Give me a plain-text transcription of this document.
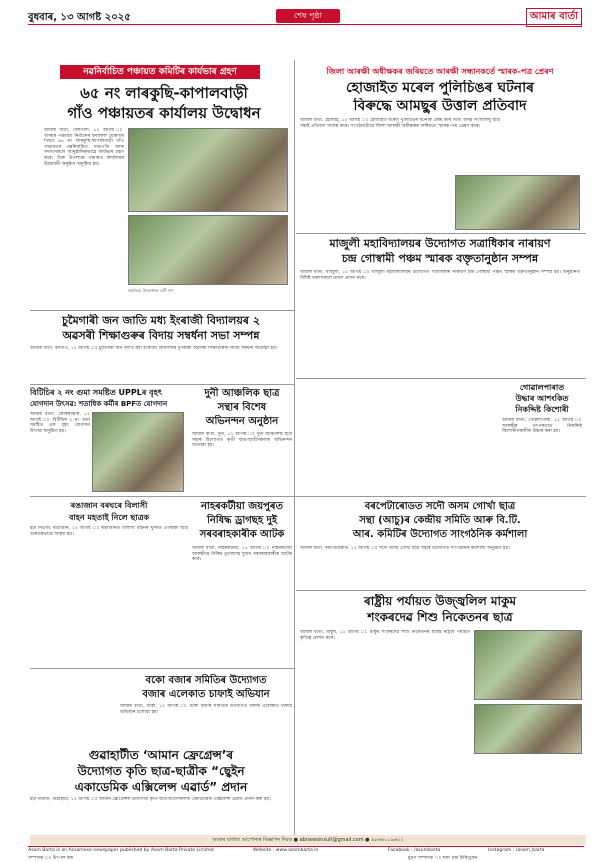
বুধবাৰ, ১৩ আগষ্ট ২০২৫	শেষ পৃষ্ঠা	আমাৰ বার্তা
নৱনিৰ্বাচিত পঞ্চায়ত কমিটিৰ কাৰ্যভাৰ গ্ৰহণ
৬৫ নং লাৰকুছি-কাপালবাড়ী
গাঁও পঞ্চায়তৰ কাৰ্যালয় উদ্বোধন
আমাৰ বাৰ্তা, বেলতলা, ১২ আগষ্ট ঃ অসমৰ পঞ্চায়ত নিৰ্বাচনৰ ফলাফল ঘোষণাৰ পিছত ৬৫ নং লাৰকুছি-কাপালবাড়ী গাঁও পঞ্চায়তৰ নৱনিৰ্বাচিত সভাপতি আৰু সদস্যসকলে আনুষ্ঠানিকভাৱে কাৰ্যভাৰ গ্ৰহণ কৰে। উক্ত উপলক্ষে পঞ্চায়ত কাৰ্যালয়ৰ উদ্বোধনী অনুষ্ঠান অনুষ্ঠিত হয়।
কাৰ্যালয় উদ্বোধনৰ এটি দৃশ্য
জিলা আৰক্ষী অধীক্ষকৰ জৰিয়তে আৰক্ষী সন্ধানকৰ্তে স্মাৰক-পত্ৰ প্ৰেৰণ
হোজাইত মৰেল পুলিচিঙৰ ঘটনাৰ
বিৰুদ্ধে আমছুৰ উত্তাল প্ৰতিবাদ
আমাৰ বাৰ্তা, হোজাই, ১২ আগষ্ট ঃ হোজাইত মৰেল পুলিচিঙৰ ঘটনাক কেন্দ্ৰ কৰি সদৌ অসম সংখ্যালঘু ছাত্ৰ সন্থাই প্ৰতিবাদ সাব্যস্ত কৰে। সংগঠনটোৱে জিলা আৰক্ষী অধীক্ষকৰ জৰিয়তে স্মাৰক-পত্ৰ প্ৰেৰণ কৰে।
মাজুলী মহাবিদ্যালয়ৰ উদ্যোগত সত্ৰাধিকাৰ নাৰায়ণ
চন্দ্ৰ গোস্বামী পঞ্চম স্মাৰক বক্তৃতানুষ্ঠান সম্পন্ন
আমাৰ বাৰ্তা, মাজুলী, ১২ আগষ্ট ঃ মাজুলী মহাবিদ্যালয়ৰ উদ্যোগত সত্ৰাধিকাৰ নাৰায়ণ চন্দ্ৰ গোস্বামী পঞ্চম স্মাৰক বক্তৃতানুষ্ঠান সম্পন্ন হয়। অনুষ্ঠানত বিশিষ্ট বক্তাসকলে ভাষণ প্ৰদান কৰে।
চুমৈগাৰী জন জাতি মধ্য ইংৰাজী বিদ্যালয়ৰ ২
অৱসৰী শিক্ষাগুৰুৰ বিদায় সম্বৰ্ধনা সভা সম্পন্ন
আমাৰ বাৰ্তা, বনগাঁও, ১২ আগষ্ট ঃ চুমৈগাৰী জন জাতি মধ্য ইংৰাজী বিদ্যালয়ৰ দুগৰাকী অৱসৰী শিক্ষাগুৰুক বিদায় সম্বৰ্ধনা জনোৱা হয়।
বিটিচিৰ ২ নং গুমা সমষ্টিত UPPLৰ বৃহৎ
যোগদান উৎসৱ: শতাধিক কৰ্মীৰ BPFত যোগদান
আমাৰ বাৰ্তা, কোকৰাঝাৰ, ১২ আগষ্ট ঃ বিটিচিৰ ২ নং গুমা সমষ্টিত এক বৃহৎ যোগদান উৎসৱ অনুষ্ঠিত হয়।
দুনী আঞ্চলিক ছাত্ৰ
সন্থাৰ বিশেষ
অভিনন্দন অনুষ্ঠান
আমাৰ বাৰ্তা, দুনী, ১২ আগষ্ট ঃ দুনী আঞ্চলিক ছাত্ৰ সন্থাৰ উদ্যোগত কৃতী ছাত্ৰ-ছাত্ৰীসকলক অভিনন্দন জনোৱা হয়।
গোৱালপাৰাত
উদ্ধাৰ আশংকিত
নিকদ্দিষ্ট কিশোৰী
আমাৰ বাৰ্তা, গোৱালপাৰা, ১২ আগষ্ট ঃ আৰক্ষীৰ তৎপৰতাত নিকদ্দিষ্ট কিশোৰীগৰাকীক উদ্ধাৰ কৰা হয়।
বৰপেটাৰোডত সদৌ অসম গোৰ্খা ছাত্ৰ
সন্থা (আচু)ৰ কেন্দ্ৰীয় সমিতি আৰু বি.টি.
আৰ. কমিটিৰ উদ্যোগত সাংগঠনিক কৰ্মশালা
আমাৰ বাৰ্তা, বৰপেটাৰোড, ১২ আগষ্ট ঃ সদৌ অসম গোৰ্খা ছাত্ৰ সন্থাৰ উদ্যোগত সাংগঠনিক কৰ্মশালা অনুষ্ঠিত হয়।
ৰঙাজান বৰঘৰে বিলাসী
বাহন মহতাই নিলে ছাত্ৰক
ইটা নিউজ, ৰঙাজান, ১২ আগষ্ট ঃ ৰঙাজানত বিলাসী বাহনৰ খুন্দাত এগৰাকী ছাত্ৰ গুৰুতৰভাৱে আহত হয়।
নাহৰকটীয়া জয়পুৰত
নিষিদ্ধ ড্ৰাগছহ দুই
সৰবৰাহকাৰীক আটক
আমাৰ বাৰ্তা, নাহৰকটীয়া, ১২ আগষ্ট ঃ নাহৰকটীয়া আৰক্ষীয়ে নিষিদ্ধ ড্ৰাগছসহ দুজন সৰবৰাহকাৰীক আটক কৰে।
ৰাষ্ট্ৰীয় পৰ্যায়ত উজ্জ্বলিল মাকুম
শংকৰদেৱ শিশু নিকেতনৰ ছাত্ৰ
আমাৰ বাৰ্তা, মাকুম, ১২ আগষ্ট ঃ মাকুম শংকৰদেৱ শিশু নিকেতনৰ ছাত্ৰই ৰাষ্ট্ৰীয় পৰ্যায়ত কৃতিত্ব প্ৰদৰ্শন কৰে।
বকো বজাৰ সমিতিৰ উদ্যোগত
বজাৰ এলেকাত চাফাই অভিযান
আমাৰ বাৰ্তা, বকো, ১২ আগষ্ট ঃ বকো বজাৰ সমিতিৰ উদ্যোগত বজাৰ এলেকাত চাফাই অভিযান চলোৱা হয়।
গুৱাহাটীত ‘আমান ফ্ৰেগ্ৰেন্স’ৰ
উদ্যোগত কৃতি ছাত্ৰ-ছাত্ৰীক “ছ্বেইন
একাডেমিক এক্সিলেন্স এৱাৰ্ড” প্ৰদান
ইটা নিউজ, গুৱাহাটী, ১২ আগষ্ট ঃ আমান ফ্ৰেগ্ৰেন্সৰ উদ্যোগত কৃতি ছাত্ৰ-ছাত্ৰীসকলক একাডেমিক এক্সিলেন্স এৱাৰ্ড প্ৰদান কৰা হয়।
আমাৰ বাৰ্তাত আপোনাৰ বিজ্ঞাপন দিয়ক ● abnewsinsult@gmail.com ● ৯৮৬৪০১৯৬২২
Asom Barta is an Assamese newspaper published by Asom Barta Private Limited	Website : www.asombarta.in	Facebook : /asombarta	Instagram : /asom_barta
সম্পাদক ঃ উৎপল বৰা	মুদ্ৰণ সম্পাদক ঃ শৰৎ চন্দ্ৰ চিৰিংচুকন
